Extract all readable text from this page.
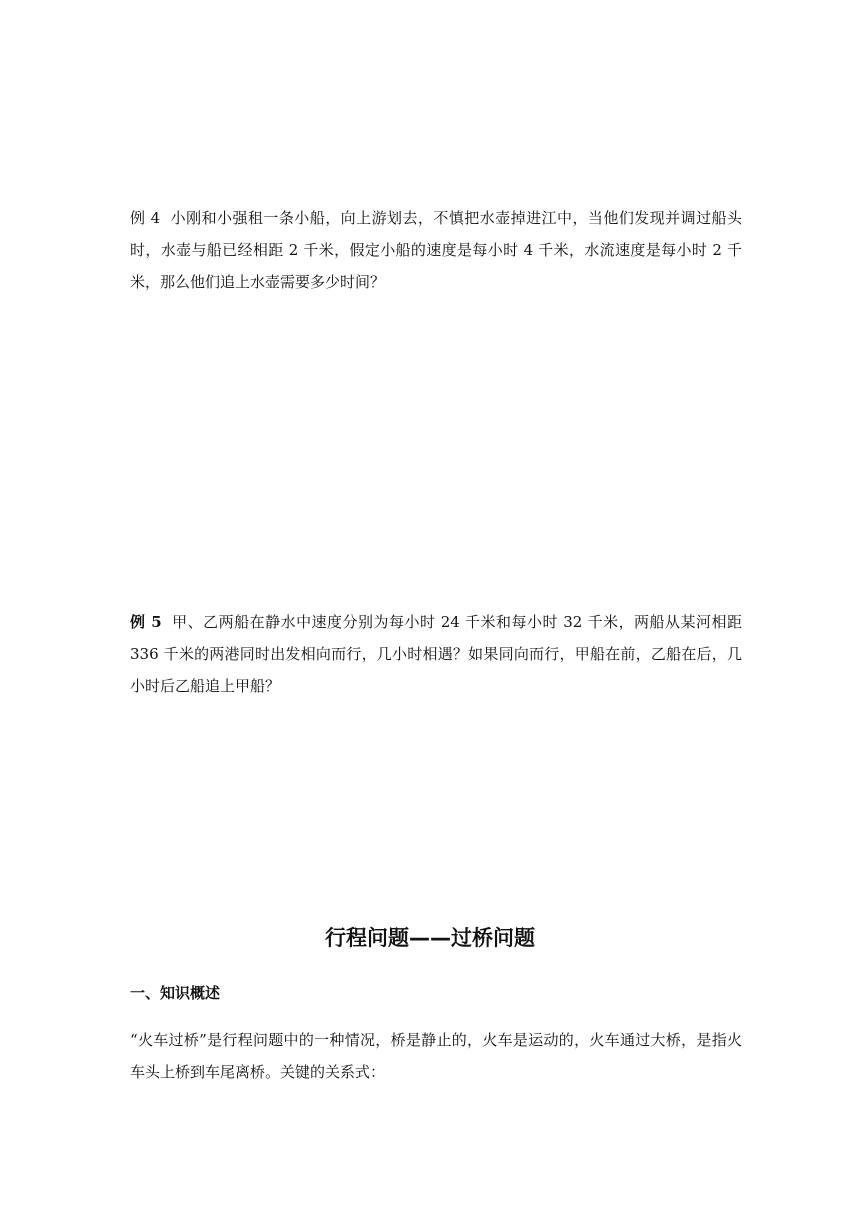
例 4 小刚和小强租一条小船，向上游划去，不慎把水壶掉进江中，当他们发现并调过船头时，水壶与船已经相距 2 千米，假定小船的速度是每小时 4 千米，水流速度是每小时 2 千米，那么他们追上水壶需要多少时间？

例 5 甲、乙两船在静水中速度分别为每小时 24 千米和每小时 32 千米，两船从某河相距 336 千米的两港同时出发相向而行，几小时相遇？如果同向而行，甲船在前，乙船在后，几小时后乙船追上甲船？

行程问题——过桥问题
一、知识概述

“火车过桥”是行程问题中的一种情况，桥是静止的，火车是运动的，火车通过大桥，是指火车头上桥到车尾离桥。关键的关系式：
